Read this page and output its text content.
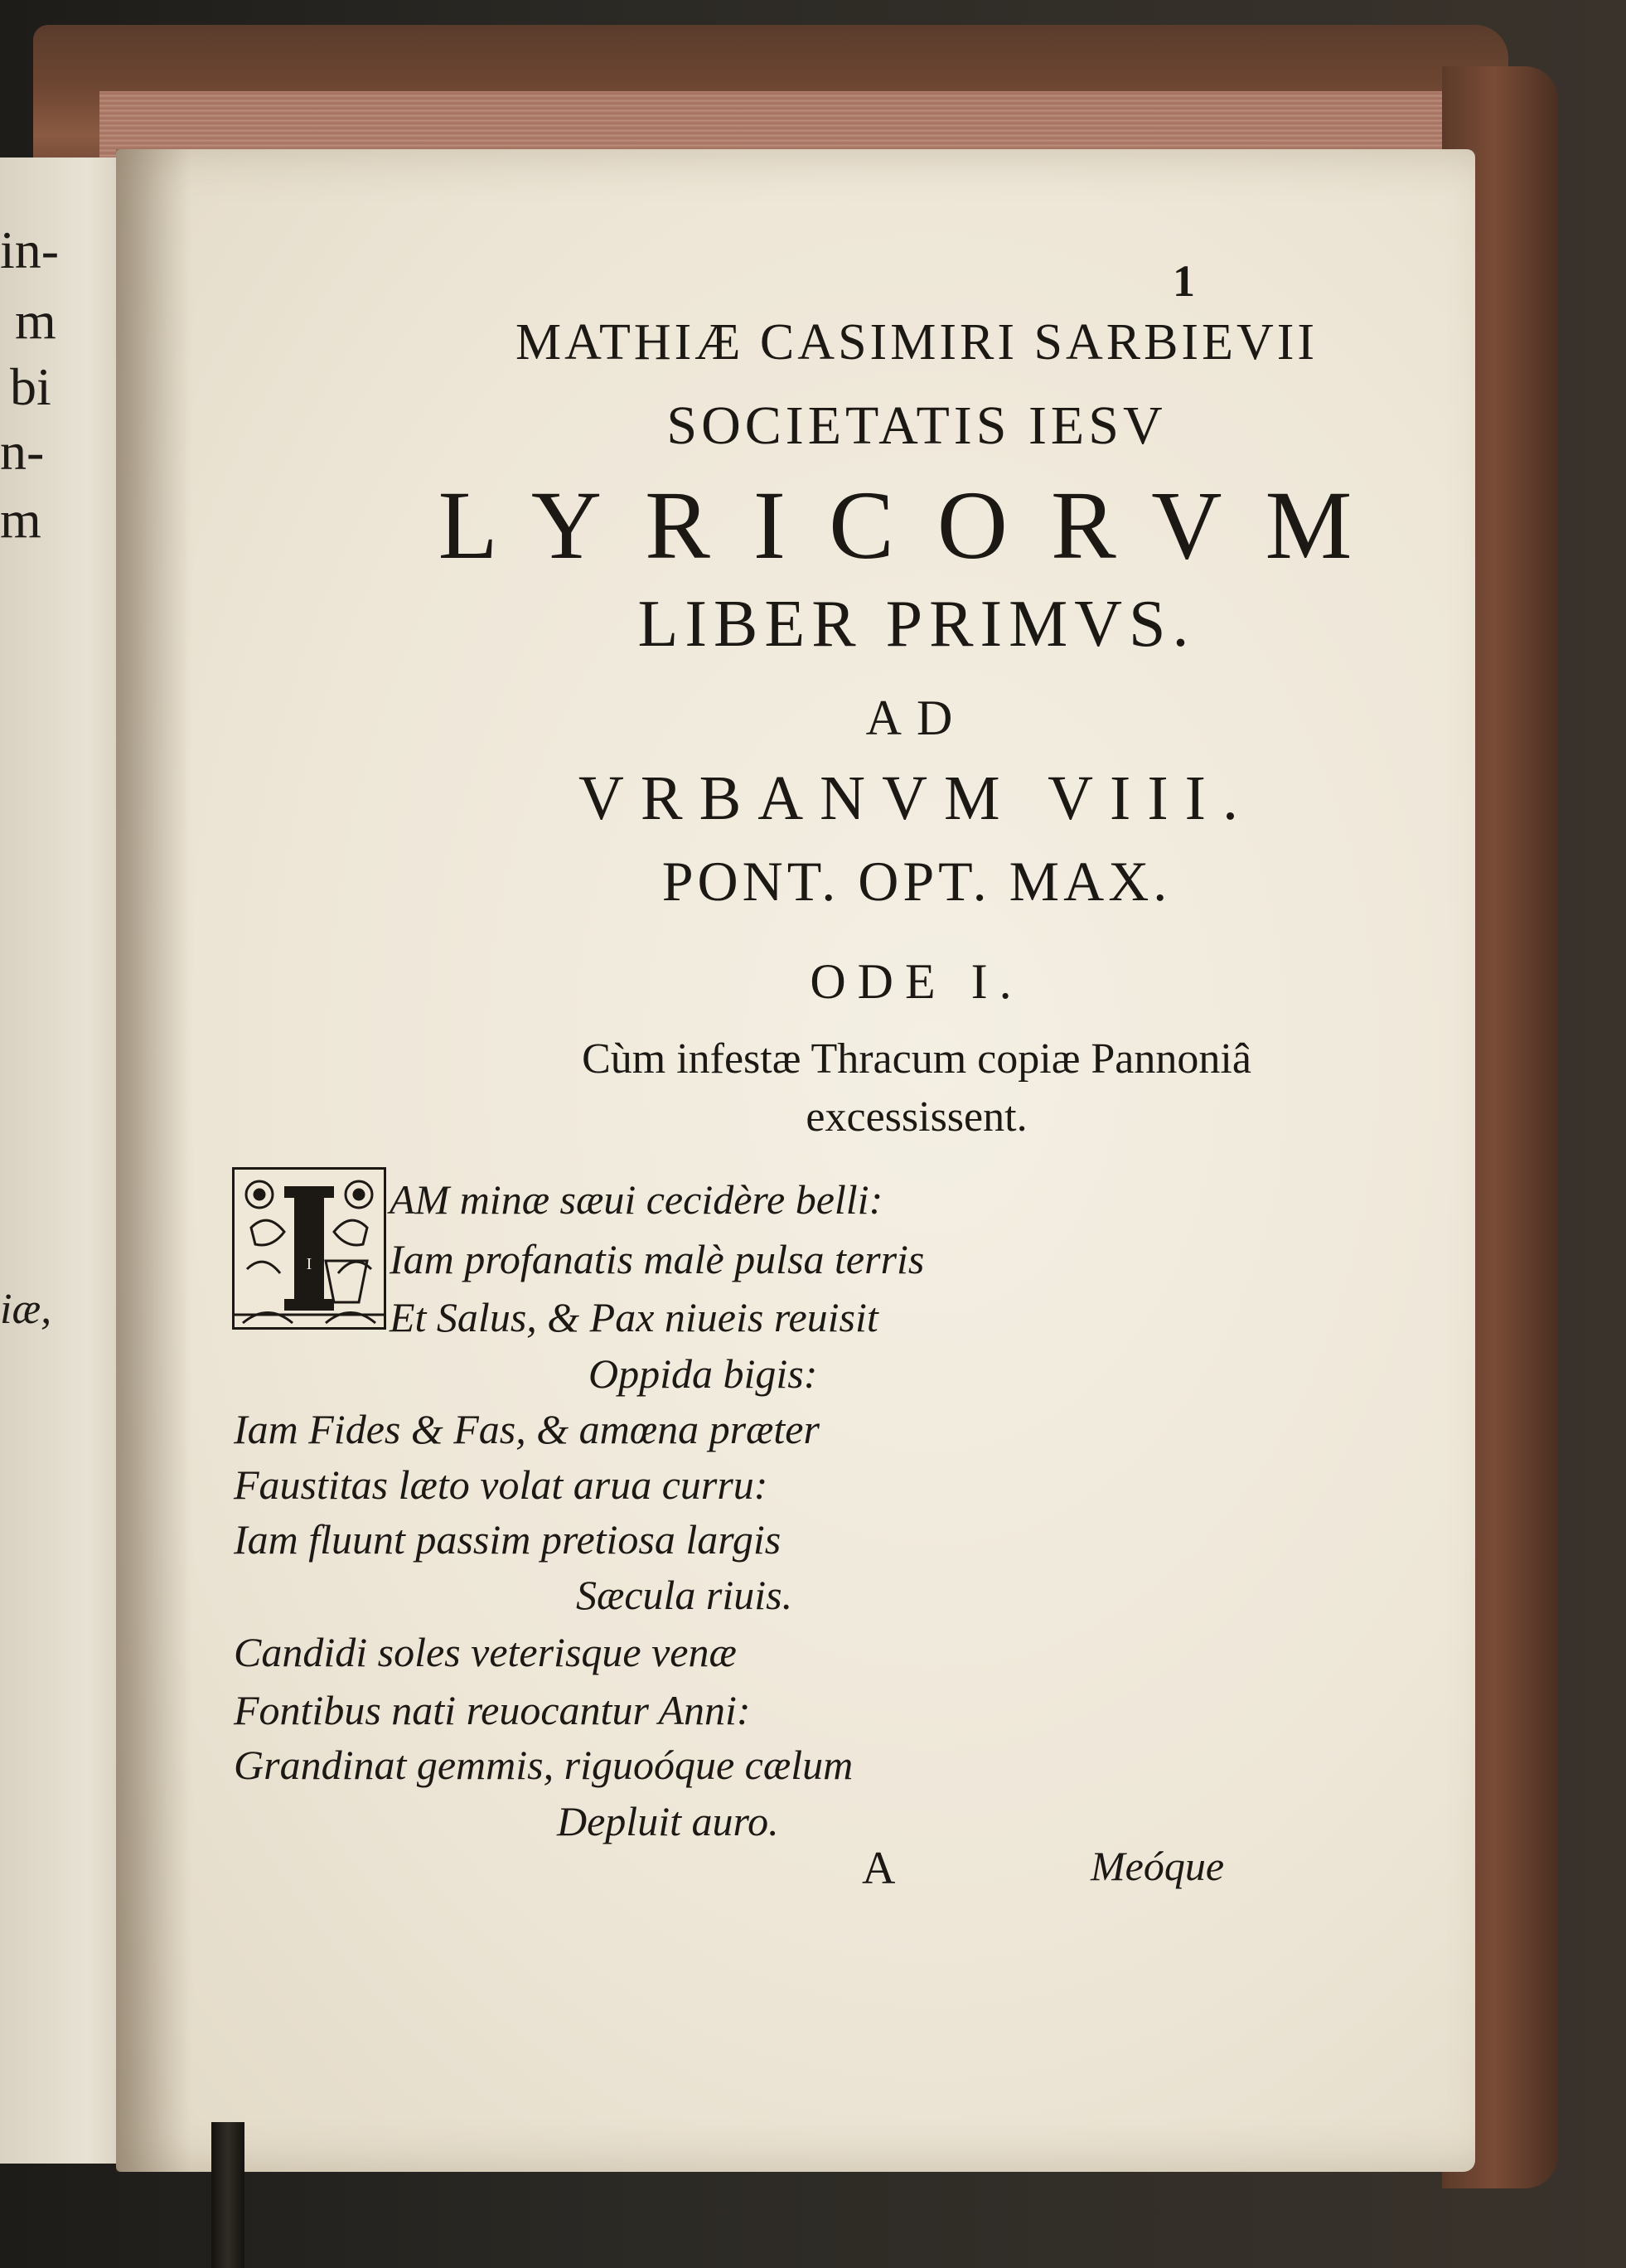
in-
m
bi
n-
m
iæ,
1
MATHIÆ CASIMIRI SARBIEVII
SOCIETATIS IESV
LYRICORVM
LIBER PRIMVS.
AD
VRBANVM VIII.
PONT. OPT. MAX.
ODE I.
Cùm infestæ Thracum copiæ Pannoniâ
excessissent.
I
AM minæ sæui cecidère belli:
Iam profanatis malè pulsa terris
Et Salus, & Pax niueis reuisit
Oppida bigis:
Iam Fides & Fas, & amœna præter
Faustitas læto volat arua curru:
Iam fluunt passim pretiosa largis
Sæcula riuis.
Candidi soles veterisque venæ
Fontibus nati reuocantur Anni:
Grandinat gemmis, riguoóque cælum
Depluit auro.
A	Meóque
